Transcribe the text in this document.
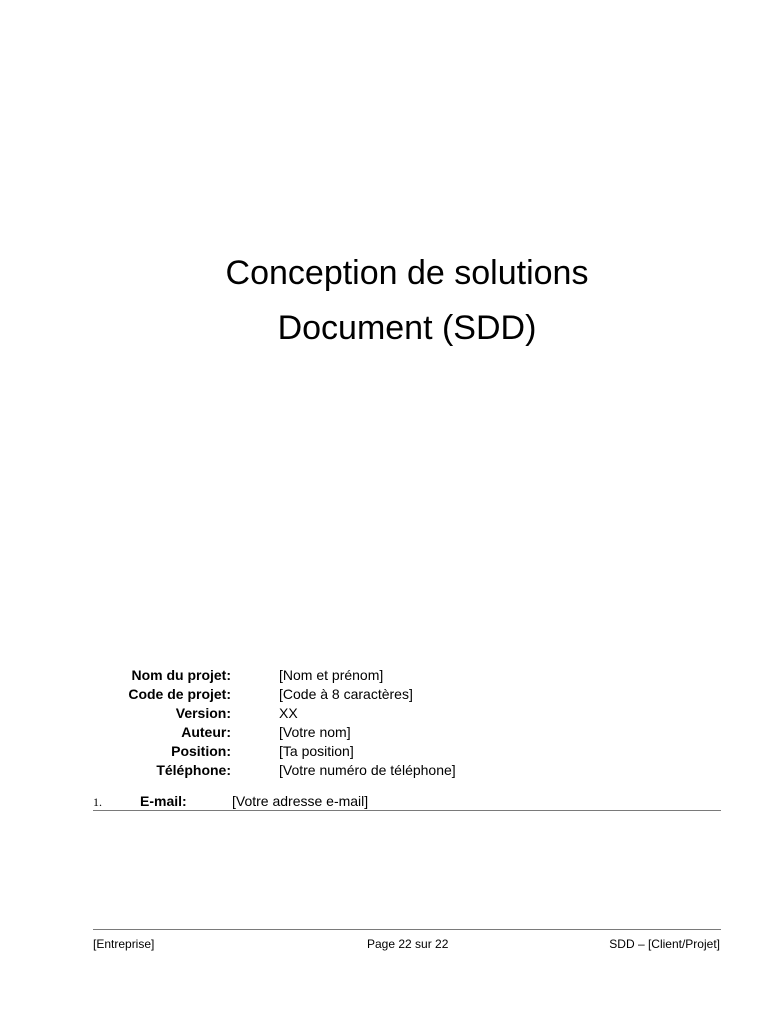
Conception de solutions
Document (SDD)
Nom du projet:	[Nom et prénom]
Code de projet:	[Code à 8 caractères]
Version:	XX
Auteur:	[Votre nom]
Position:	[Ta position]
Téléphone:	[Votre numéro de téléphone]
1.	E-mail:	[Votre adresse e-mail]
[Entreprise]	Page 22 sur 22	SDD – [Client/Projet]
